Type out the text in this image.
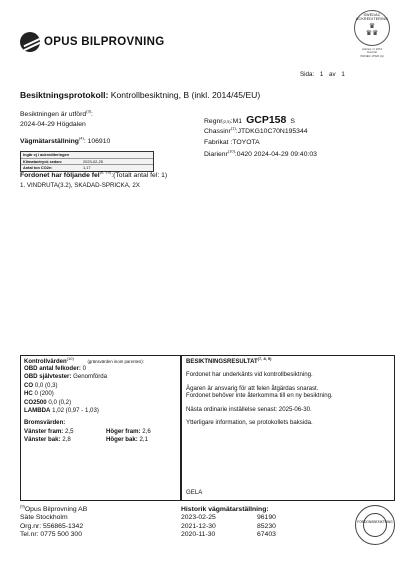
OPUS BILPROVNING
SWEDAC ACKREDITERING
♛
♛♛
Ackred. nr 1074
Kontroll
ISO/IEC 17020 (A)
Sida: 1 av 1
Besiktningsprotokoll: Kontrollbesiktning, B (inkl. 2014/45/EU)
Besiktningen är utförd$^{(3)}$:
2024-04-29 Högdalen
Vägmätarställning$^{(4)}$: 106910
Ingår ej i ackrediteringen
Klimatavtryck sedan:	2023-02-25
Antal ton CO2e:	1,17
Fordonet har följande fel$^{(6, 10)}$:(Totalt antal fel: 1)
1. VINDRUTA(3.2), SKADAD-SPRICKA, 2X
Regnr (2,5) :M1 GCP158 S
Chassinr$^{(1)}$:JTDKG10C70N195344
Fabrikat :TOYOTA
Diarienr$^{(10)}$:0420 2024-04-29 09:40:03
Kontrollvärden$^{(10)}$ (gränsvärden inom parentes):
OBD antal felkoder: 0
OBD självtester: Genomförda
CO 0,0 (0,3)
HC 0 (200)
CO2500 0,0 (0,2)
LAMBDA 1,02 (0,97 - 1,03)
Bromsvärden:
Vänster fram: 2,5	Höger fram: 2,6
Vänster bak: 2,8	Höger bak: 2,1
BESIKTNINGSRESULTAT$^{(7, 8, 9)}$
Fordonet har underkänts vid kontrollbesiktning.
Ägaren är ansvarig för att felen åtgärdas snarast.
Fordonet behöver inte återkomma till en ny besiktning.
Nästa ordinarie inställelse senast: 2025-06-30.
Ytterligare information, se protokollets baksida.
GELA
$^{(9)}$Opus Bilprovning AB
Säte Stockholm
Org.nr: 556865-1342
Tel.nr: 0775 500 300
Historik vägmätarställning:
2023-02-25	96190
2021-12-30	85230
2020-11-30	67403
FORDONSBESIKTNING
